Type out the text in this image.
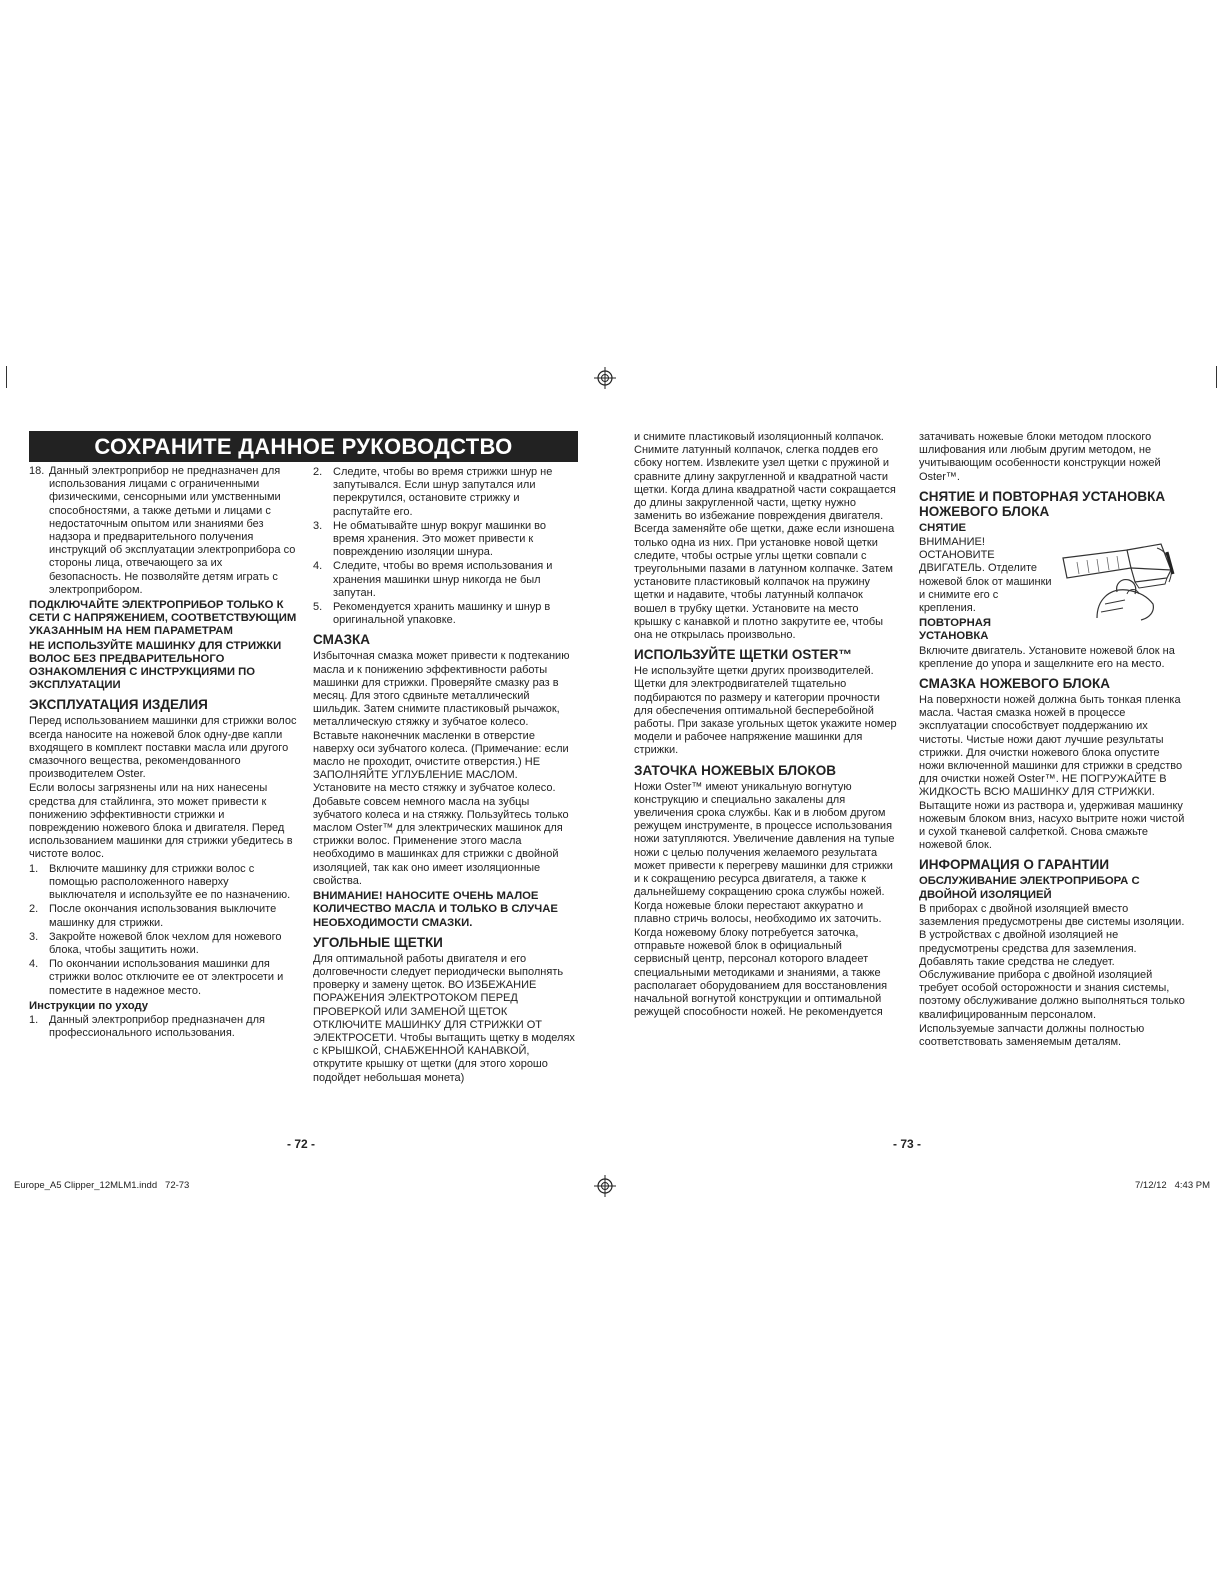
СОХРАНИТЕ ДАННОЕ РУКОВОДСТВО
18. Данный электроприбор не предназначен для использования лицами с ограниченными физическими, сенсорными или умственными способностями, а также детьми и лицами с недостаточным опытом или знаниями без надзора и предварительного получения инструкций об эксплуатации электроприбора со стороны лица, отвечающего за их безопасность. Не позволяйте детям играть с электроприбором.
ПОДКЛЮЧАЙТЕ ЭЛЕКТРОПРИБОР ТОЛЬКО К СЕТИ С НАПРЯЖЕНИЕМ, СООТВЕТСТВУЮЩИМ УКАЗАННЫМ НА НЕМ ПАРАМЕТРАМ
НЕ ИСПОЛЬЗУЙТЕ МАШИНКУ ДЛЯ СТРИЖКИ ВОЛОС БЕЗ ПРЕДВАРИТЕЛЬНОГО ОЗНАКОМЛЕНИЯ С ИНСТРУКЦИЯМИ ПО ЭКСПЛУАТАЦИИ
ЭКСПЛУАТАЦИЯ ИЗДЕЛИЯ

Перед использованием машинки для стрижки волос всегда наносите на ножевой блок одну-две капли входящего в комплект поставки масла или другого смазочного вещества, рекомендованного производителем Oster.

Если волосы загрязнены или на них нанесены средства для стайлинга, это может привести к понижению эффективности стрижки и повреждению ножевого блока и двигателя. Перед использованием машинки для стрижки убедитесь в чистоте волос.

1. Включите машинку для стрижки волос с помощью расположенного наверху выключателя и используйте ее по назначению.
2. После окончания использования выключите машинку для стрижки.
3. Закройте ножевой блок чехлом для ножевого блока, чтобы защитить ножи.
4. По окончании использования машинки для стрижки волос отключите ее от электросети и поместите в надежное место.
Инструкции по уходу
1. Данный электроприбор предназначен для профессионального использования.
2. Следите, чтобы во время стрижки шнур не запутывался. Если шнур запутался или перекрутился, остановите стрижку и распутайте его.
3. Не обматывайте шнур вокруг машинки во время хранения. Это может привести к повреждению изоляции шнура.
4. Следите, чтобы во время использования и хранения машинки шнур никогда не был запутан.
5. Рекомендуется хранить машинку и шнур в оригинальной упаковке.
СМАЗКА

Избыточная смазка может привести к подтеканию масла и к понижению эффективности работы машинки для стрижки. Проверяйте смазку раз в месяц. Для этого сдвиньте металлический шильдик. Затем снимите пластиковый рычажок, металлическую стяжку и зубчатое колесо. Вставьте наконечник масленки в отверстие наверху оси зубчатого колеса. (Примечание: если масло не проходит, очистите отверстия.) НЕ ЗАПОЛНЯЙТЕ УГЛУБЛЕНИЕ МАСЛОМ. Установите на место стяжку и зубчатое колесо. Добавьте совсем немного масла на зубцы зубчатого колеса и на стяжку. Пользуйтесь только маслом Oster™ для электрических машинок для стрижки волос. Применение этого масла необходимо в машинках для стрижки с двойной изоляцией, так как оно имеет изоляционные свойства.

ВНИМАНИЕ! НАНОСИТЕ ОЧЕНЬ МАЛОЕ КОЛИЧЕСТВО МАСЛА И ТОЛЬКО В СЛУЧАЕ НЕОБХОДИМОСТИ СМАЗКИ.
УГОЛЬНЫЕ ЩЕТКИ

Для оптимальной работы двигателя и его долговечности следует периодически выполнять проверку и замену щеток. ВО ИЗБЕЖАНИЕ ПОРАЖЕНИЯ ЭЛЕКТРОТОКОМ ПЕРЕД ПРОВЕРКОЙ ИЛИ ЗАМЕНОЙ ЩЕТОК ОТКЛЮЧИТЕ МАШИНКУ ДЛЯ СТРИЖКИ ОТ ЭЛЕКТРОСЕТИ. Чтобы вытащить щетку в моделях с КРЫШКОЙ, СНАБЖЕННОЙ КАНАВКОЙ, открутите крышку от щетки (для этого хорошо подойдет небольшая монета)

- 72 -

и снимите пластиковый изоляционный колпачок. Снимите латунный колпачок, слегка поддев его сбоку ногтем. Извлеките узел щетки с пружиной и сравните длину закругленной и квадратной части щетки. Когда длина квадратной части сокращается до длины закругленной части, щетку нужно заменить во избежание повреждения двигателя. Всегда заменяйте обе щетки, даже если изношена только одна из них. При установке новой щетки следите, чтобы острые углы щетки совпали с треугольными пазами в латунном колпачке. Затем установите пластиковый колпачок на пружину щетки и надавите, чтобы латунный колпачок вошел в трубку щетки. Установите на место крышку с канавкой и плотно закрутите ее, чтобы она не открылась произвольно.

ИСПОЛЬЗУЙТЕ ЩЕТКИ OSTER™

Не используйте щетки других производителей. Щетки для электродвигателей тщательно подбираются по размеру и категории прочности для обеспечения оптимальной бесперебойной работы. При заказе угольных щеток укажите номер модели и рабочее напряжение машинки для стрижки.

ЗАТОЧКА НОЖЕВЫХ БЛОКОВ

Ножи Oster™ имеют уникальную вогнутую конструкцию и специально закалены для увеличения срока службы. Как и в любом другом режущем инструменте, в процессе использования ножи затупляются. Увеличение давления на тупые ножи с целью получения желаемого результата может привести к перегреву машинки для стрижки и к сокращению ресурса двигателя, а также к дальнейшему сокращению срока службы ножей. Когда ножевые блоки перестают аккуратно и плавно стричь волосы, необходимо их заточить.

Когда ножевому блоку потребуется заточка, отправьте ножевой блок в официальный сервисный центр, персонал которого владеет специальными методиками и знаниями, а также располагает оборудованием для восстановления начальной вогнутой конструкции и оптимальной режущей способности ножей. Не рекомендуется

затачивать ножевые блоки методом плоского шлифования или любым другим методом, не учитывающим особенности конструкции ножей Oster™.

СНЯТИЕ И ПОВТОРНАЯ УСТАНОВКА НОЖЕВОГО БЛОКА
СНЯТИЕ

ВНИМАНИЕ! ОСТАНОВИТЕ ДВИГАТЕЛЬ. Отделите ножевой блок от машинки и снимите его с крепления.

ПОВТОРНАЯ УСТАНОВКА

Включите двигатель. Установите ножевой блок на крепление до упора и защелкните его на место.

СМАЗКА НОЖЕВОГО БЛОКА

На поверхности ножей должна быть тонкая пленка масла. Частая смазка ножей в процессе эксплуатации способствует поддержанию их чистоты. Чистые ножи дают лучшие результаты стрижки. Для очистки ножевого блока опустите ножи включенной машинки для стрижки в средство для очистки ножей Oster™. НЕ ПОГРУЖАЙТЕ В ЖИДКОСТЬ ВСЮ МАШИНКУ ДЛЯ СТРИЖКИ. Вытащите ножи из раствора и, удерживая машинку ножевым блоком вниз, насухо вытрите ножи чистой и сухой тканевой салфеткой. Снова смажьте ножевой блок.

ИНФОРМАЦИЯ О ГАРАНТИИ
ОБСЛУЖИВАНИЕ ЭЛЕКТРОПРИБОРА С ДВОЙНОЙ ИЗОЛЯЦИЕЙ

В приборах с двойной изоляцией вместо заземления предусмотрены две системы изоляции. В устройствах с двойной изоляцией не предусмотрены средства для заземления. Добавлять такие средства не следует. Обслуживание прибора с двойной изоляцией требует особой осторожности и знания системы, поэтому обслуживание должно выполняться только квалифицированным персоналом.

Используемые запчасти должны полностью соответствовать заменяемым деталям.

- 73 -
Europe_A5 Clipper_12MLM1.indd   72-73	7/12/12   4:43 PM
